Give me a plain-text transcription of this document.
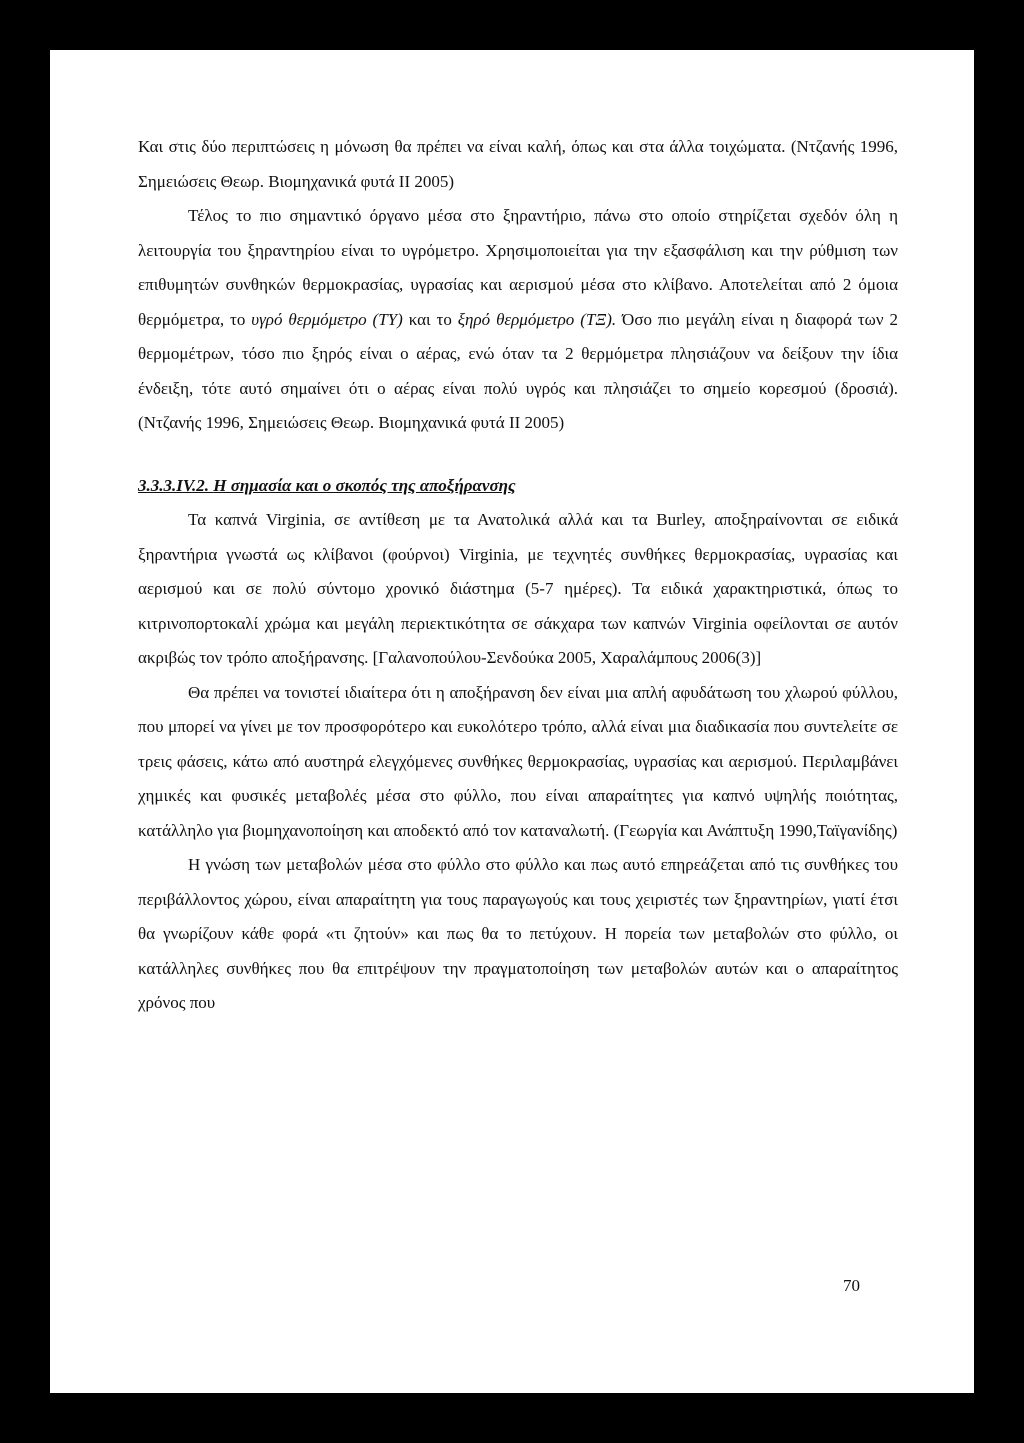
Και στις δύο περιπτώσεις η μόνωση θα πρέπει να είναι καλή, όπως και στα άλλα τοιχώματα. (Ντζανής 1996, Σημειώσεις Θεωρ. Βιομηχανικά φυτά II 2005)

Τέλος το πιο σημαντικό όργανο μέσα στο ξηραντήριο, πάνω στο οποίο στηρίζεται σχεδόν όλη η λειτουργία του ξηραντηρίου είναι το υγρόμετρο. Χρησιμοποιείται για την εξασφάλιση και την ρύθμιση των επιθυμητών συνθηκών θερμοκρασίας, υγρασίας και αερισμού μέσα στο κλίβανο. Αποτελείται από 2 όμοια θερμόμετρα, το υγρό θερμόμετρο (ΤΥ) και το ξηρό θερμόμετρο (ΤΞ). Όσο πιο μεγάλη είναι η διαφορά των 2 θερμομέτρων, τόσο πιο ξηρός είναι ο αέρας, ενώ όταν τα 2 θερμόμετρα πλησιάζουν να δείξουν την ίδια ένδειξη, τότε αυτό σημαίνει ότι ο αέρας είναι πολύ υγρός και πλησιάζει το σημείο κορεσμού (δροσιά). (Ντζανής 1996, Σημειώσεις Θεωρ. Βιομηχανικά φυτά II 2005)

3.3.3.IV.2. Η σημασία και ο σκοπός της αποξήρανσης

Τα καπνά Virginia, σε αντίθεση με τα Ανατολικά αλλά και τα Burley, αποξηραίνονται σε ειδικά ξηραντήρια γνωστά ως κλίβανοι (φούρνοι) Virginia, με τεχνητές συνθήκες θερμοκρασίας, υγρασίας και αερισμού και σε πολύ σύντομο χρονικό διάστημα (5-7 ημέρες). Τα ειδικά χαρακτηριστικά, όπως το κιτρινοπορτοκαλί χρώμα και μεγάλη περιεκτικότητα σε σάκχαρα των καπνών Virginia οφείλονται σε αυτόν ακριβώς τον τρόπο αποξήρανσης. [Γαλανοπούλου-Σενδούκα 2005, Χαραλάμπους 2006(3)]

Θα πρέπει να τονιστεί ιδιαίτερα ότι η αποξήρανση δεν είναι μια απλή αφυδάτωση του χλωρού φύλλου, που μπορεί να γίνει με τον προσφορότερο και ευκολότερο τρόπο, αλλά είναι μια διαδικασία που συντελείτε σε τρεις φάσεις, κάτω από αυστηρά ελεγχόμενες συνθήκες θερμοκρασίας, υγρασίας και αερισμού. Περιλαμβάνει χημικές και φυσικές μεταβολές μέσα στο φύλλο, που είναι απαραίτητες για καπνό υψηλής ποιότητας, κατάλληλο για βιομηχανοποίηση και αποδεκτό από τον καταναλωτή. (Γεωργία και Ανάπτυξη 1990,Ταϊγανίδης)

Η γνώση των μεταβολών μέσα στο φύλλο στο φύλλο και πως αυτό επηρεάζεται από τις συνθήκες του περιβάλλοντος χώρου, είναι απαραίτητη για τους παραγωγούς και τους χειριστές των ξηραντηρίων, γιατί έτσι θα γνωρίζουν κάθε φορά «τι ζητούν» και πως θα το πετύχουν. Η πορεία των μεταβολών στο φύλλο, οι κατάλληλες συνθήκες που θα επιτρέψουν την πραγματοποίηση των μεταβολών αυτών και ο απαραίτητος χρόνος που

70
